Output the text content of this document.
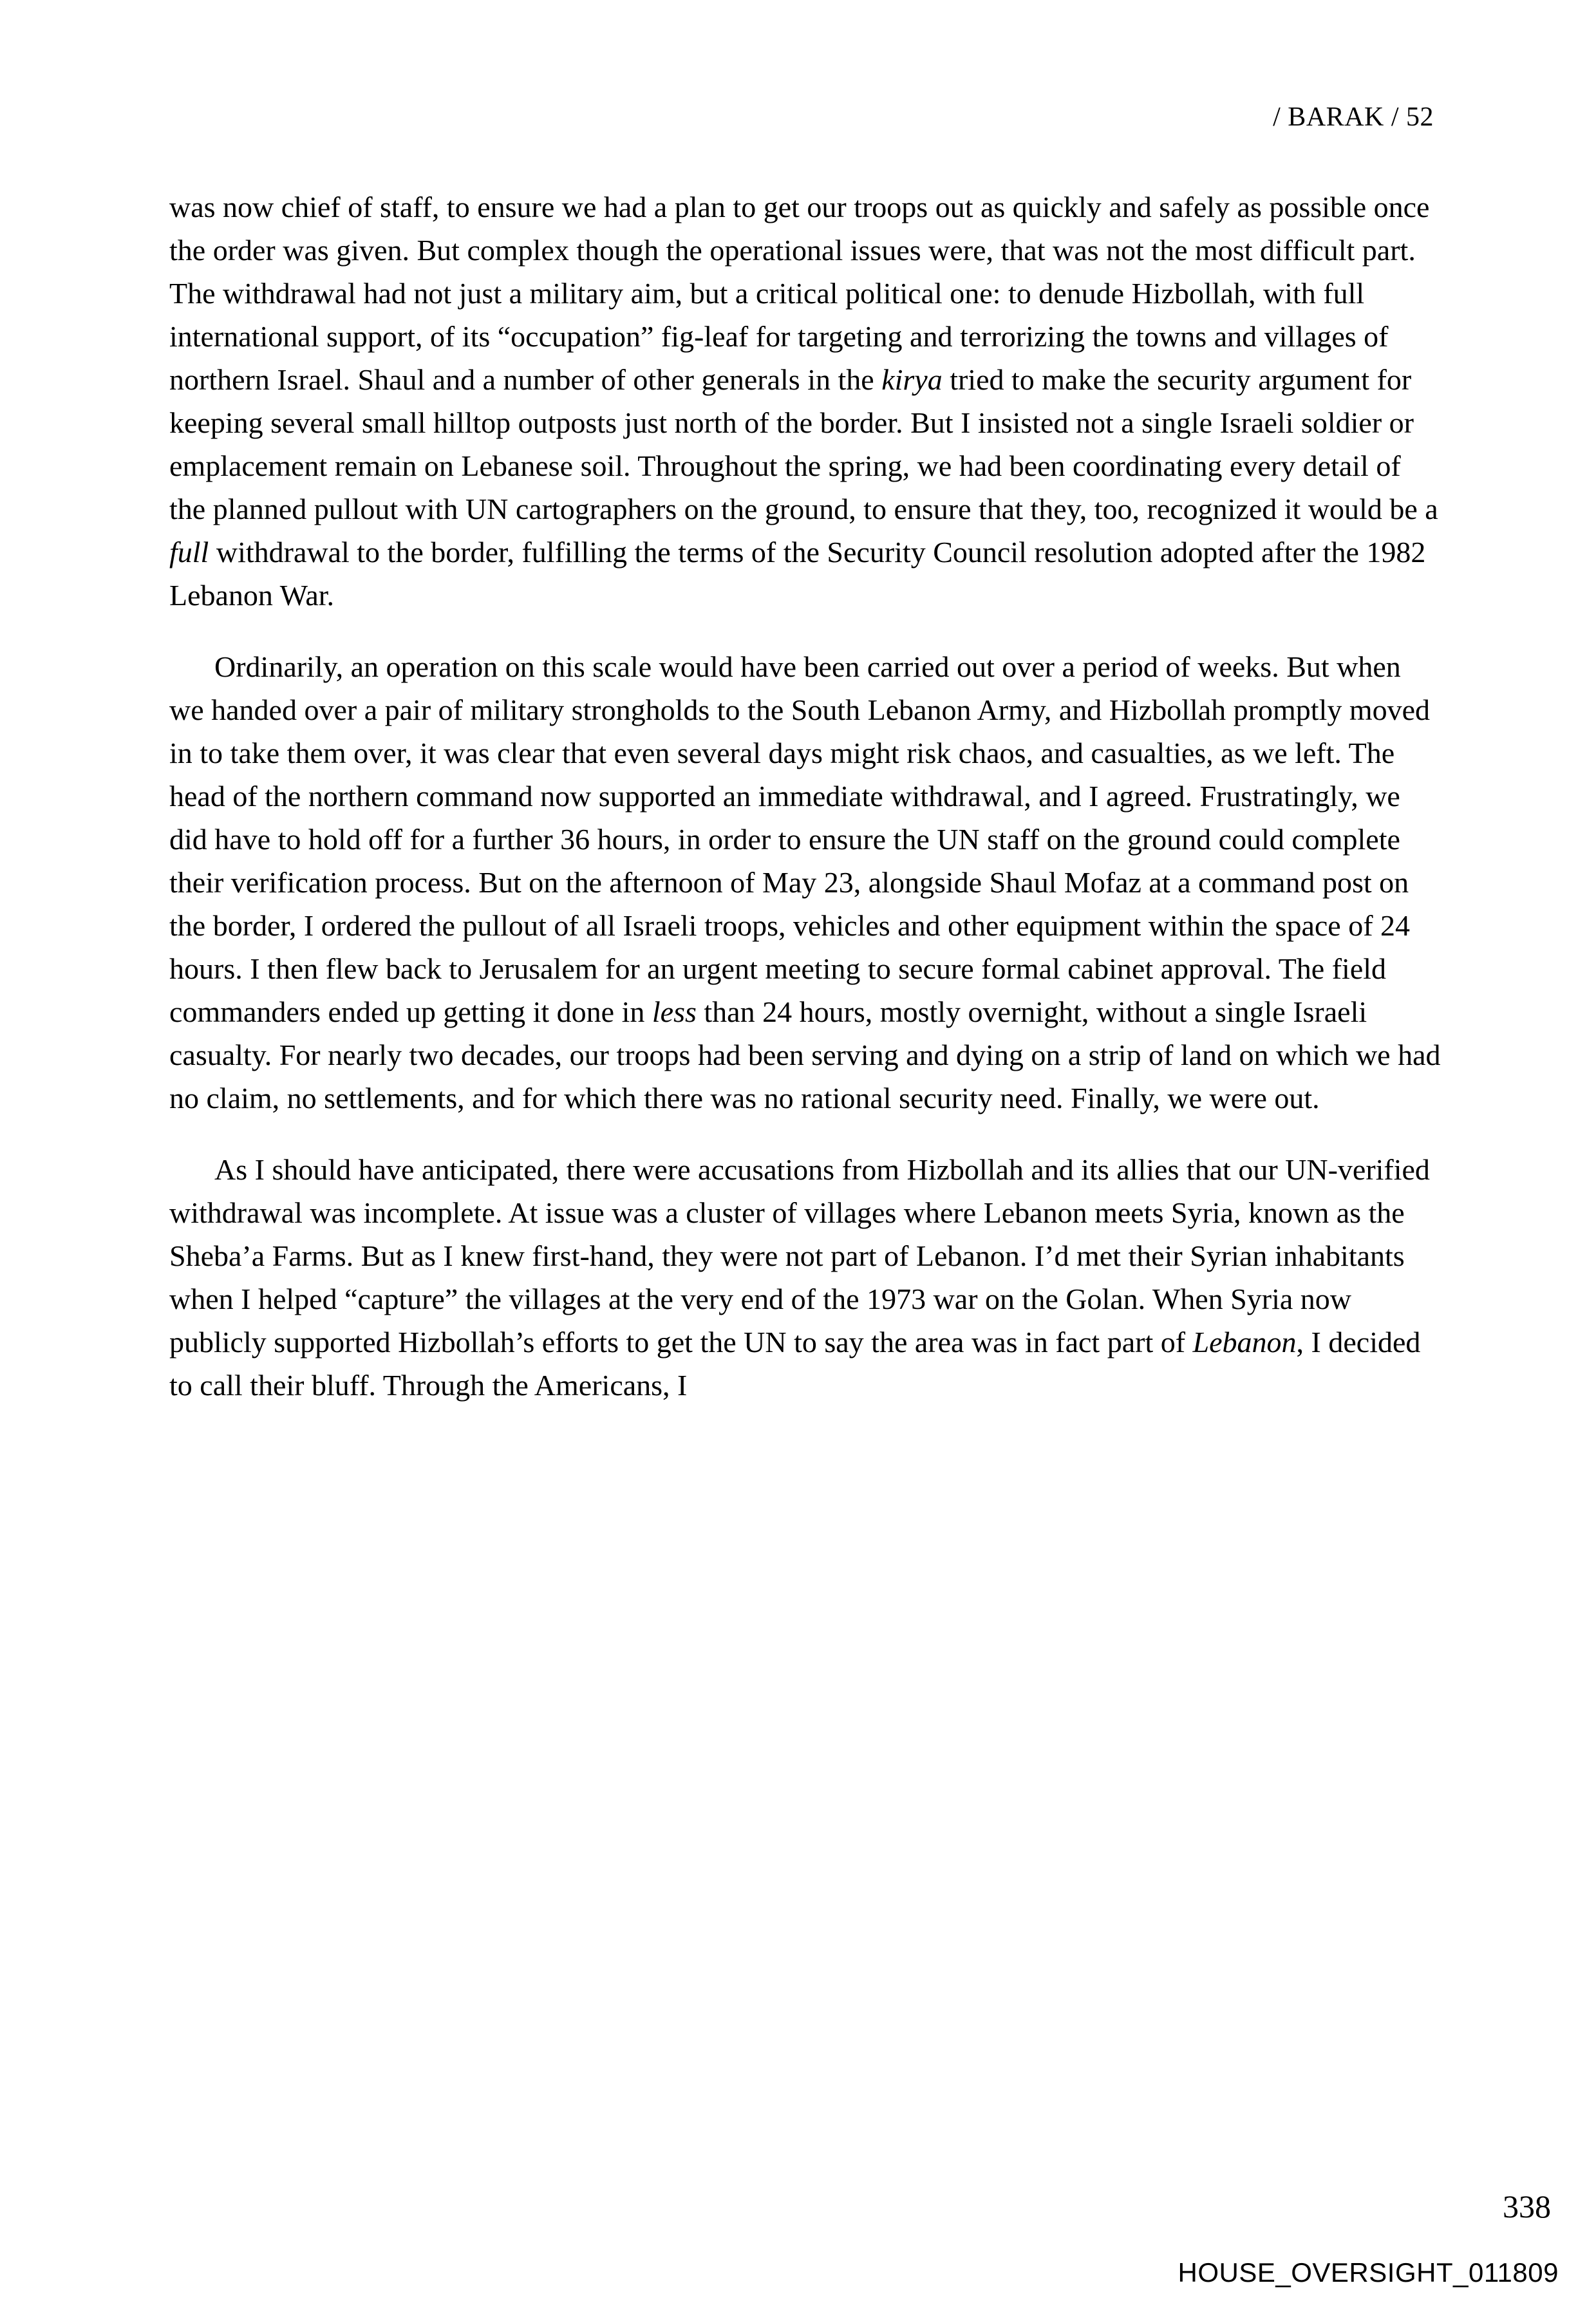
/ BARAK / 52

was now chief of staff, to ensure we had a plan to get our troops out as quickly and safely as possible once the order was given. But complex though the operational issues were, that was not the most difficult part. The withdrawal had not just a military aim, but a critical political one: to denude Hizbollah, with full international support, of its “occupation” fig-leaf for targeting and terrorizing the towns and villages of northern Israel. Shaul and a number of other generals in the kirya tried to make the security argument for keeping several small hilltop outposts just north of the border. But I insisted not a single Israeli soldier or emplacement remain on Lebanese soil. Throughout the spring, we had been coordinating every detail of the planned pullout with UN cartographers on the ground, to ensure that they, too, recognized it would be a full withdrawal to the border, fulfilling the terms of the Security Council resolution adopted after the 1982 Lebanon War.

Ordinarily, an operation on this scale would have been carried out over a period of weeks. But when we handed over a pair of military strongholds to the South Lebanon Army, and Hizbollah promptly moved in to take them over, it was clear that even several days might risk chaos, and casualties, as we left. The head of the northern command now supported an immediate withdrawal, and I agreed. Frustratingly, we did have to hold off for a further 36 hours, in order to ensure the UN staff on the ground could complete their verification process. But on the afternoon of May 23, alongside Shaul Mofaz at a command post on the border, I ordered the pullout of all Israeli troops, vehicles and other equipment within the space of 24 hours. I then flew back to Jerusalem for an urgent meeting to secure formal cabinet approval. The field commanders ended up getting it done in less than 24 hours, mostly overnight, without a single Israeli casualty. For nearly two decades, our troops had been serving and dying on a strip of land on which we had no claim, no settlements, and for which there was no rational security need. Finally, we were out.

As I should have anticipated, there were accusations from Hizbollah and its allies that our UN-verified withdrawal was incomplete. At issue was a cluster of villages where Lebanon meets Syria, known as the Sheba’a Farms. But as I knew first-hand, they were not part of Lebanon. I’d met their Syrian inhabitants when I helped “capture” the villages at the very end of the 1973 war on the Golan. When Syria now publicly supported Hizbollah’s efforts to get the UN to say the area was in fact part of Lebanon, I decided to call their bluff. Through the Americans, I

338
HOUSE_OVERSIGHT_011809
